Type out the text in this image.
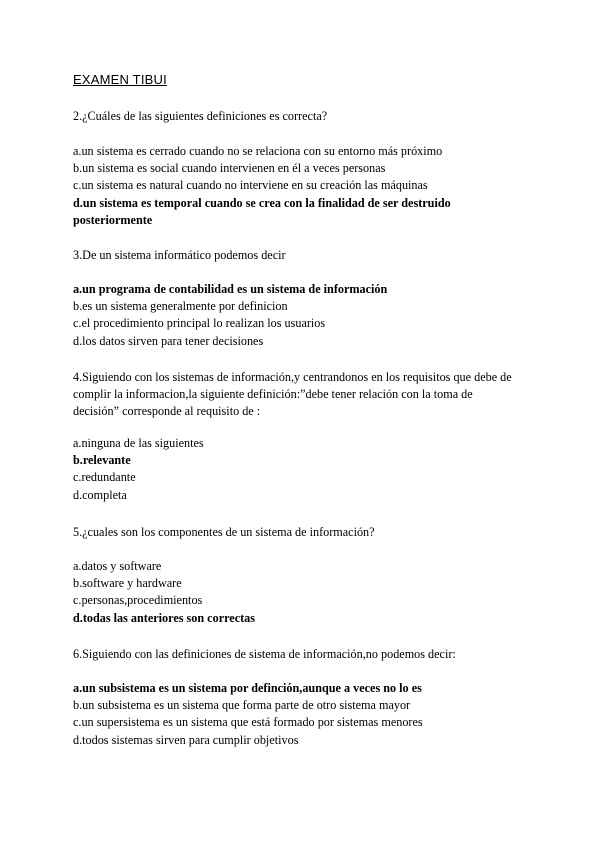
EXAMEN TIBUI
2.¿Cuáles de las siguientes definiciones es correcta?
a.un sistema es cerrado cuando no se relaciona con su entorno más próximo
b.un sistema es social cuando intervienen en él a veces personas
c.un sistema es natural cuando no interviene en su creación las máquinas
d.un sistema es temporal cuando se crea con la finalidad de ser destruido posteriormente
3.De un sistema informático podemos decir
a.un programa de contabilidad es un sistema de información
b.es un sistema generalmente por definicion
c.el procedimiento principal lo realizan los usuarios
d.los datos sirven para tener decisiones
4.Siguiendo con los sistemas de información,y centrandonos en los requisitos que debe de complir la informacion,la siguiente definición:”debe tener relación con la toma de decisión” corresponde al requisito de :
a.ninguna de las siguientes
b.relevante
c.redundante
d.completa
5.¿cuales son los componentes de un sistema de información?
a.datos y software
b.software y hardware
c.personas,procedimientos
d.todas las anteriores son correctas
6.Siguiendo con las definiciones de sistema de información,no podemos decir:
a.un subsistema es un sistema por definción,aunque a veces no lo es
b.un subsistema es un sistema que forma parte de otro sistema mayor
c.un supersistema es un sistema que está formado por sistemas menores
d.todos sistemas sirven para cumplir objetivos
